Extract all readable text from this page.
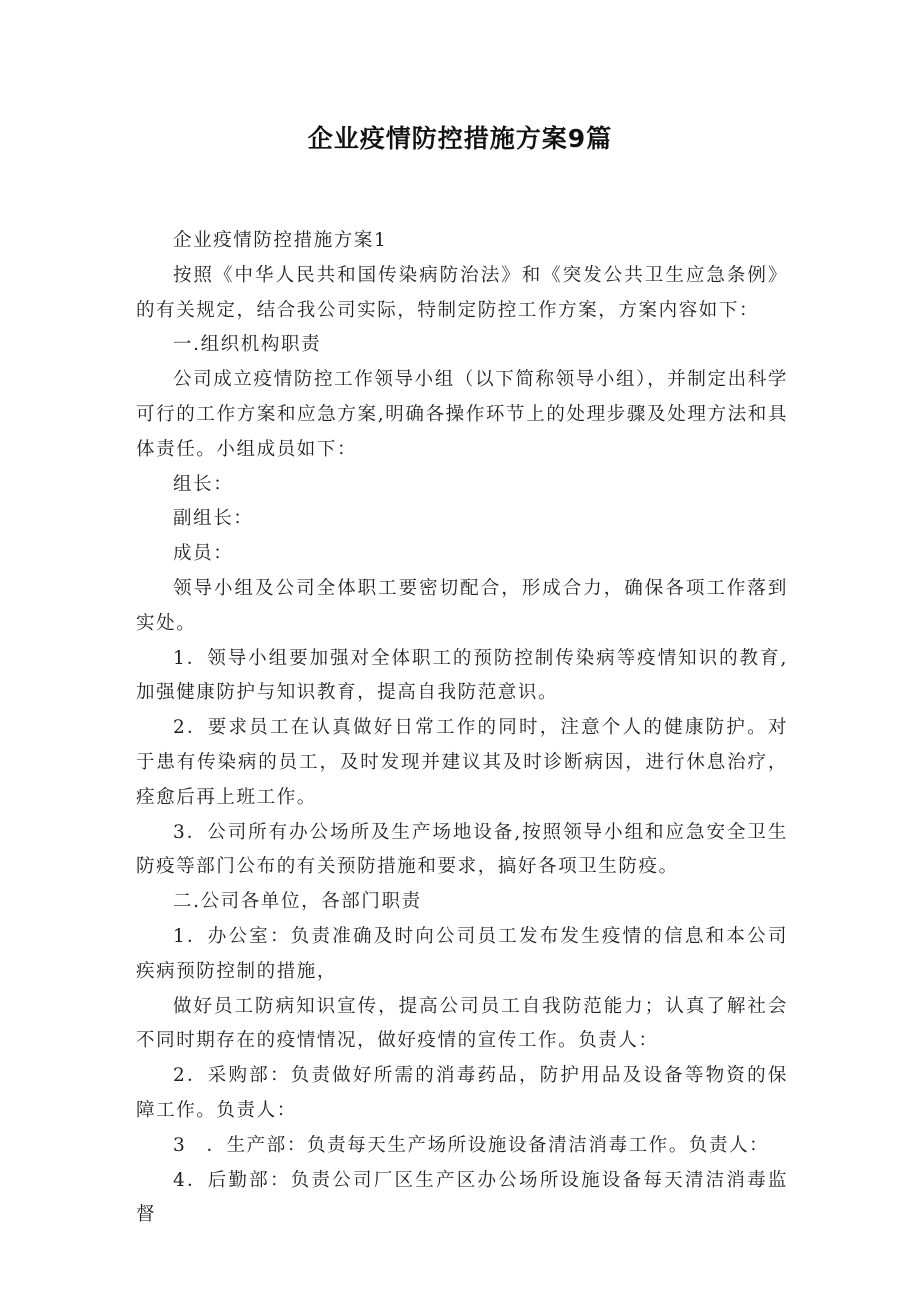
企业疫情防控措施方案9篇

企业疫情防控措施方案1

按照《中华人民共和国传染病防治法》和《突发公共卫生应急条例》的有关规定，结合我公司实际，特制定防控工作方案，方案内容如下：

一.组织机构职责

公司成立疫情防控工作领导小组（以下简称领导小组），并制定出科学可行的工作方案和应急方案,明确各操作环节上的处理步骤及处理方法和具体责任。小组成员如下：

组长：

副组长：

成员：

领导小组及公司全体职工要密切配合，形成合力，确保各项工作落到实处。

1．领导小组要加强对全体职工的预防控制传染病等疫情知识的教育,加强健康防护与知识教育，提高自我防范意识。

2．要求员工在认真做好日常工作的同时，注意个人的健康防护。对于患有传染病的员工，及时发现并建议其及时诊断病因，进行休息治疗，痊愈后再上班工作。

3．公司所有办公场所及生产场地设备,按照领导小组和应急安全卫生防疫等部门公布的有关预防措施和要求，搞好各项卫生防疫。

二.公司各单位，各部门职责

1．办公室：负责准确及时向公司员工发布发生疫情的信息和本公司疾病预防控制的措施，

做好员工防病知识宣传，提高公司员工自我防范能力；认真了解社会不同时期存在的疫情情况，做好疫情的宣传工作。负责人：

2．采购部：负责做好所需的消毒药品，防护用品及设备等物资的保障工作。负责人：

3　．生产部：负责每天生产场所设施设备清洁消毒工作。负责人：

4．后勤部：负责公司厂区生产区办公场所设施设备每天清洁消毒监督
